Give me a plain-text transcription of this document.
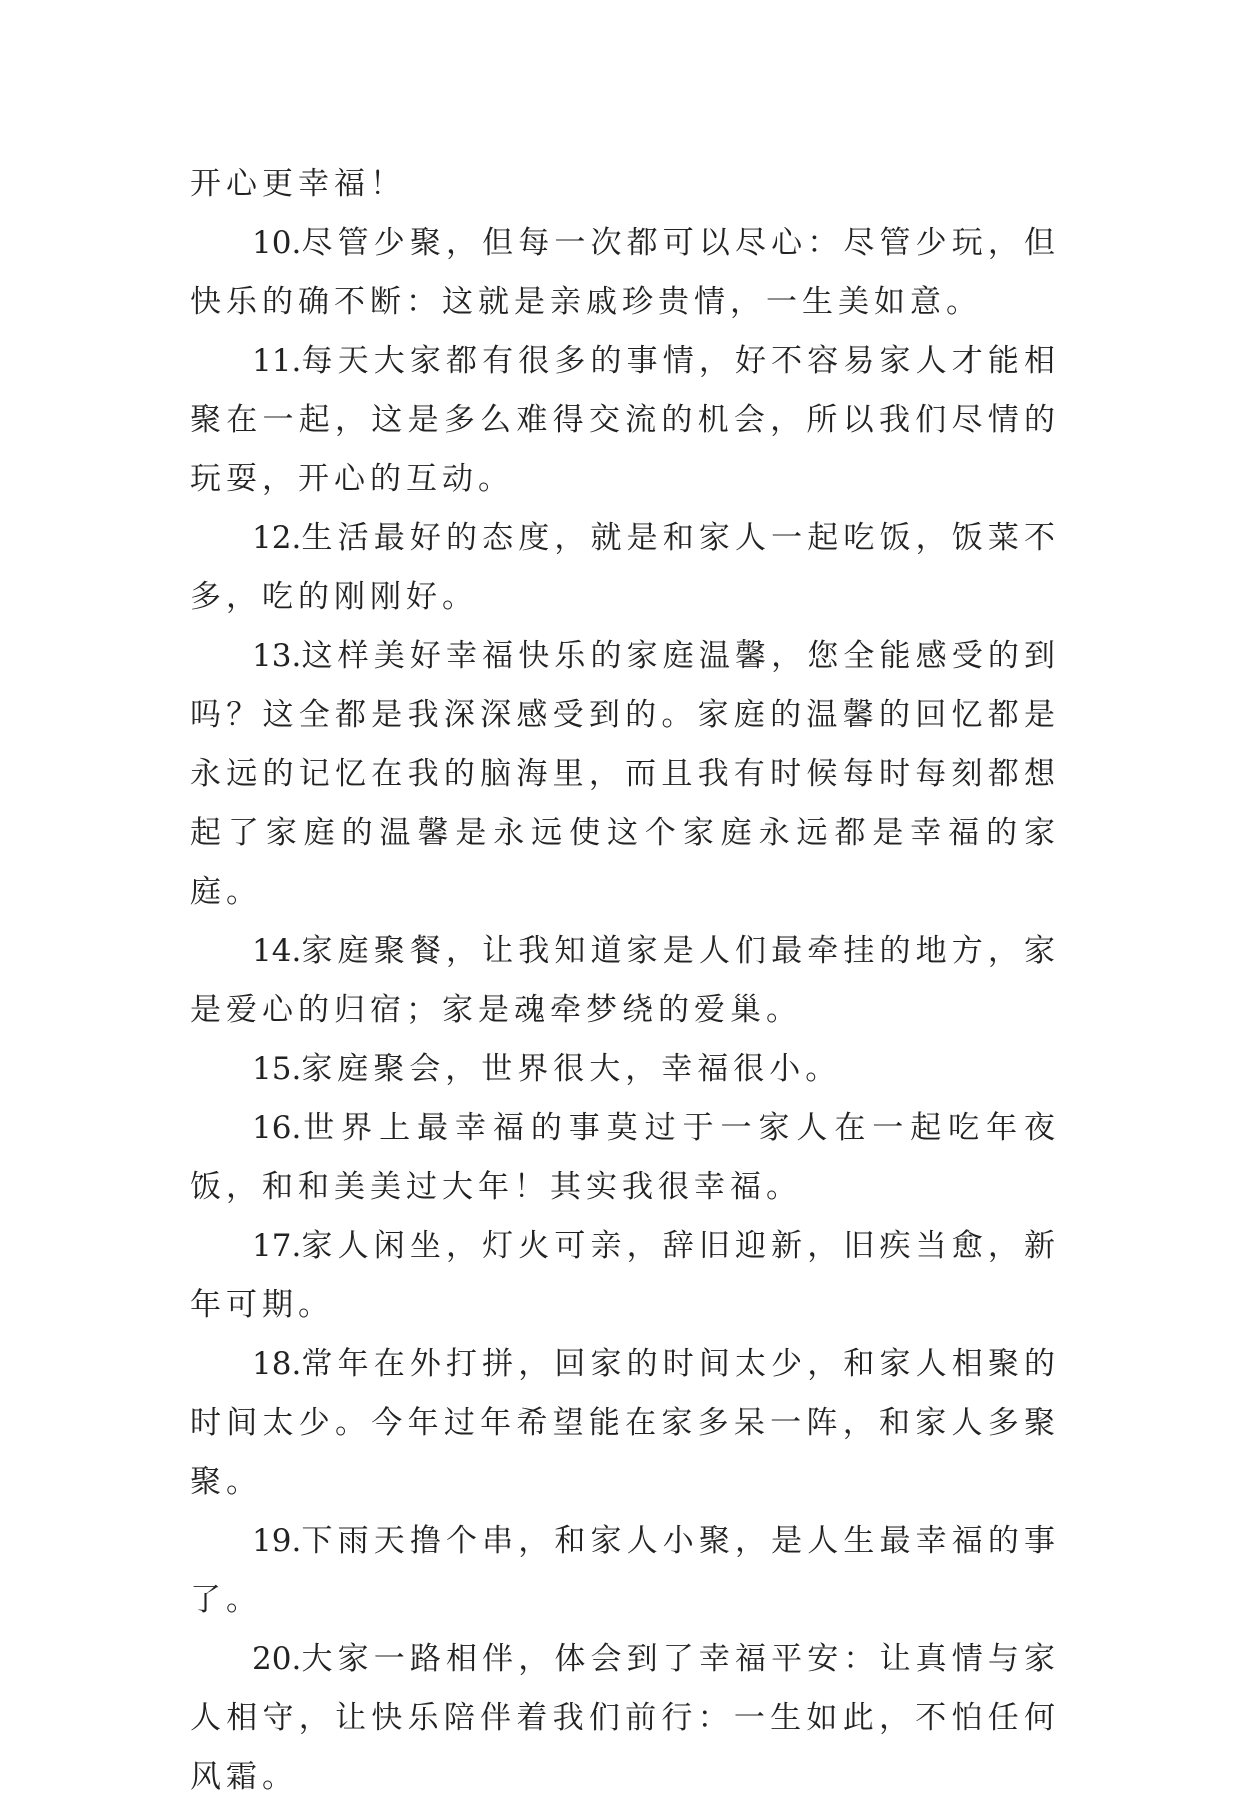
开心更幸福！

10.尽管少聚，但每一次都可以尽心：尽管少玩，但快乐的确不断：这就是亲戚珍贵情，一生美如意。

11.每天大家都有很多的事情，好不容易家人才能相聚在一起，这是多么难得交流的机会，所以我们尽情的玩耍，开心的互动。

12.生活最好的态度，就是和家人一起吃饭，饭菜不多，吃的刚刚好。

13.这样美好幸福快乐的家庭温馨，您全能感受的到吗？这全都是我深深感受到的。家庭的温馨的回忆都是永远的记忆在我的脑海里，而且我有时候每时每刻都想起了家庭的温馨是永远使这个家庭永远都是幸福的家庭。

14.家庭聚餐，让我知道家是人们最牵挂的地方，家是爱心的归宿；家是魂牵梦绕的爱巢。

15.家庭聚会，世界很大，幸福很小。

16.世界上最幸福的事莫过于一家人在一起吃年夜饭，和和美美过大年！其实我很幸福。

17.家人闲坐，灯火可亲，辞旧迎新，旧疾当愈，新年可期。

18.常年在外打拼，回家的时间太少，和家人相聚的时间太少。今年过年希望能在家多呆一阵，和家人多聚聚。

19.下雨天撸个串，和家人小聚，是人生最幸福的事了。

20.大家一路相伴，体会到了幸福平安：让真情与家人相守，让快乐陪伴着我们前行：一生如此，不怕任何风霜。
